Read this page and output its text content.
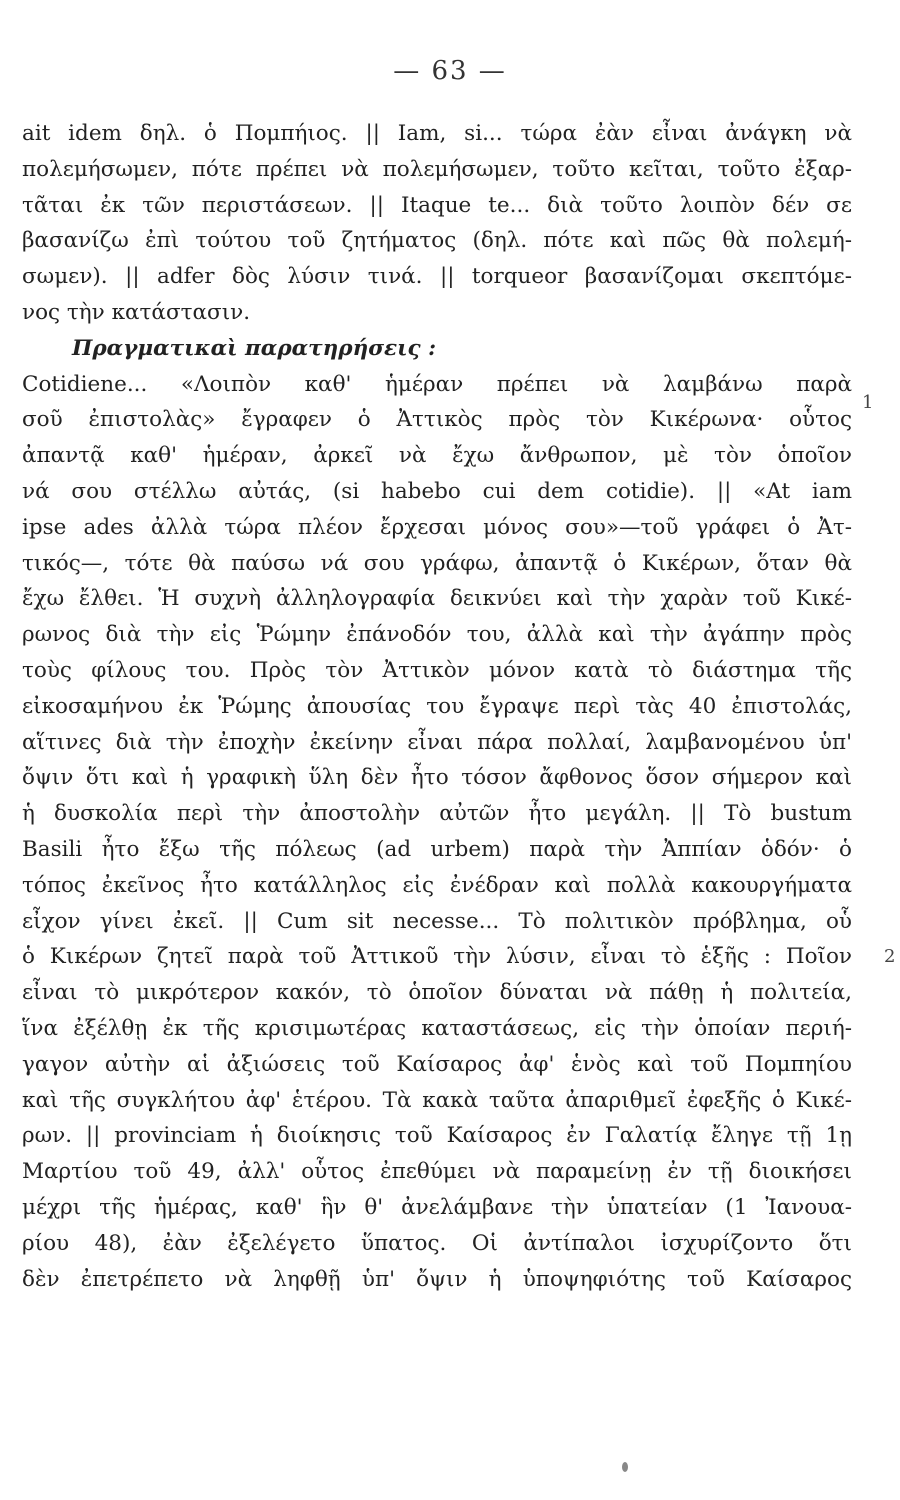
— 63 —
ait idem δηλ. ὁ Πομπήιος. || Iam, si... τώρα ἐὰν εἶναι ἀνάγκη νὰ
πολεμήσωμεν, πότε πρέπει νὰ πολεμήσωμεν, τοῦτο κεῖται, τοῦτο ἐξαρ-
τᾶται ἐκ τῶν περιστάσεων. || Itaque te... διὰ τοῦτο λοιπὸν δέν σε
βασανίζω ἐπὶ τούτου τοῦ ζητήματος (δηλ. πότε καὶ πῶς θὰ πολεμή-
σωμεν). || adfer δὸς λύσιν τινά. || torqueor βασανίζομαι σκεπτόμε-
νος τὴν κατάστασιν.
Πραγματικαὶ παρατηρήσεις :
Cotidiene... «Λοιπὸν καθ' ἡμέραν πρέπει νὰ λαμβάνω παρὰ
σοῦ ἐπιστολὰς» ἔγραφεν ὁ Ἀττικὸς πρὸς τὸν Κικέρωνα· οὗτος
ἀπαντᾷ καθ' ἡμέραν, ἀρκεῖ νὰ ἔχω ἄνθρωπον, μὲ τὸν ὁποῖον
νά σου στέλλω αὐτάς, (si habebo cui dem cotidie). || «At iam
ipse ades ἀλλὰ τώρα πλέον ἔρχεσαι μόνος σου»—τοῦ γράφει ὁ Ἀτ-
τικός—, τότε θὰ παύσω νά σου γράφω, ἀπαντᾷ ὁ Κικέρων, ὅταν θὰ
ἔχω ἔλθει. Ἡ συχνὴ ἀλληλογραφία δεικνύει καὶ τὴν χαρὰν τοῦ Κικέ-
ρωνος διὰ τὴν εἰς Ῥώμην ἐπάνοδόν του, ἀλλὰ καὶ τὴν ἀγάπην πρὸς
τοὺς φίλους του. Πρὸς τὸν Ἀττικὸν μόνον κατὰ τὸ διάστημα τῆς
εἰκοσαμήνου ἐκ Ῥώμης ἀπουσίας του ἔγραψε περὶ τὰς 40 ἐπιστολάς,
αἵτινες διὰ τὴν ἐποχὴν ἐκείνην εἶναι πάρα πολλαί, λαμβανομένου ὑπ'
ὄψιν ὅτι καὶ ἡ γραφικὴ ὕλη δὲν ἦτο τόσον ἄφθονος ὅσον σήμερον καὶ
ἡ δυσκολία περὶ τὴν ἀποστολὴν αὐτῶν ἦτο μεγάλη. || Τὸ bustum
Basili ἦτο ἔξω τῆς πόλεως (ad urbem) παρὰ τὴν Ἀππίαν ὁδόν· ὁ
τόπος ἐκεῖνος ἦτο κατάλληλος εἰς ἐνέδραν καὶ πολλὰ κακουργήματα
εἶχον γίνει ἐκεῖ. || Cum sit necesse... Τὸ πολιτικὸν πρόβλημα, οὗ
ὁ Κικέρων ζητεῖ παρὰ τοῦ Ἀττικοῦ τὴν λύσιν, εἶναι τὸ ἑξῆς : Ποῖον
εἶναι τὸ μικρότερον κακόν, τὸ ὁποῖον δύναται νὰ πάθῃ ἡ πολιτεία,
ἵνα ἐξέλθῃ ἐκ τῆς κρισιμωτέρας καταστάσεως, εἰς τὴν ὁποίαν περιή-
γαγον αὐτὴν αἱ ἀξιώσεις τοῦ Καίσαρος ἀφ' ἑνὸς καὶ τοῦ Πομπηίου
καὶ τῆς συγκλήτου ἀφ' ἑτέρου. Τὰ κακὰ ταῦτα ἀπαριθμεῖ ἐφεξῆς ὁ Κικέ-
ρων. || provinciam ἡ διοίκησις τοῦ Καίσαρος ἐν Γαλατίᾳ ἔληγε τῇ 1ῃ
Μαρτίου τοῦ 49, ἀλλ' οὗτος ἐπεθύμει νὰ παραμείνῃ ἐν τῇ διοικήσει
μέχρι τῆς ἡμέρας, καθ' ἣν θ' ἀνελάμβανε τὴν ὑπατείαν (1 Ἰανουα-
ρίου 48), ἐὰν ἐξελέγετο ὕπατος. Οἱ ἀντίπαλοι ἰσχυρίζοντο ὅτι
δὲν ἐπετρέπετο νὰ ληφθῇ ὑπ' ὄψιν ἡ ὑποψηφιότης τοῦ Καίσαρος
1
2
